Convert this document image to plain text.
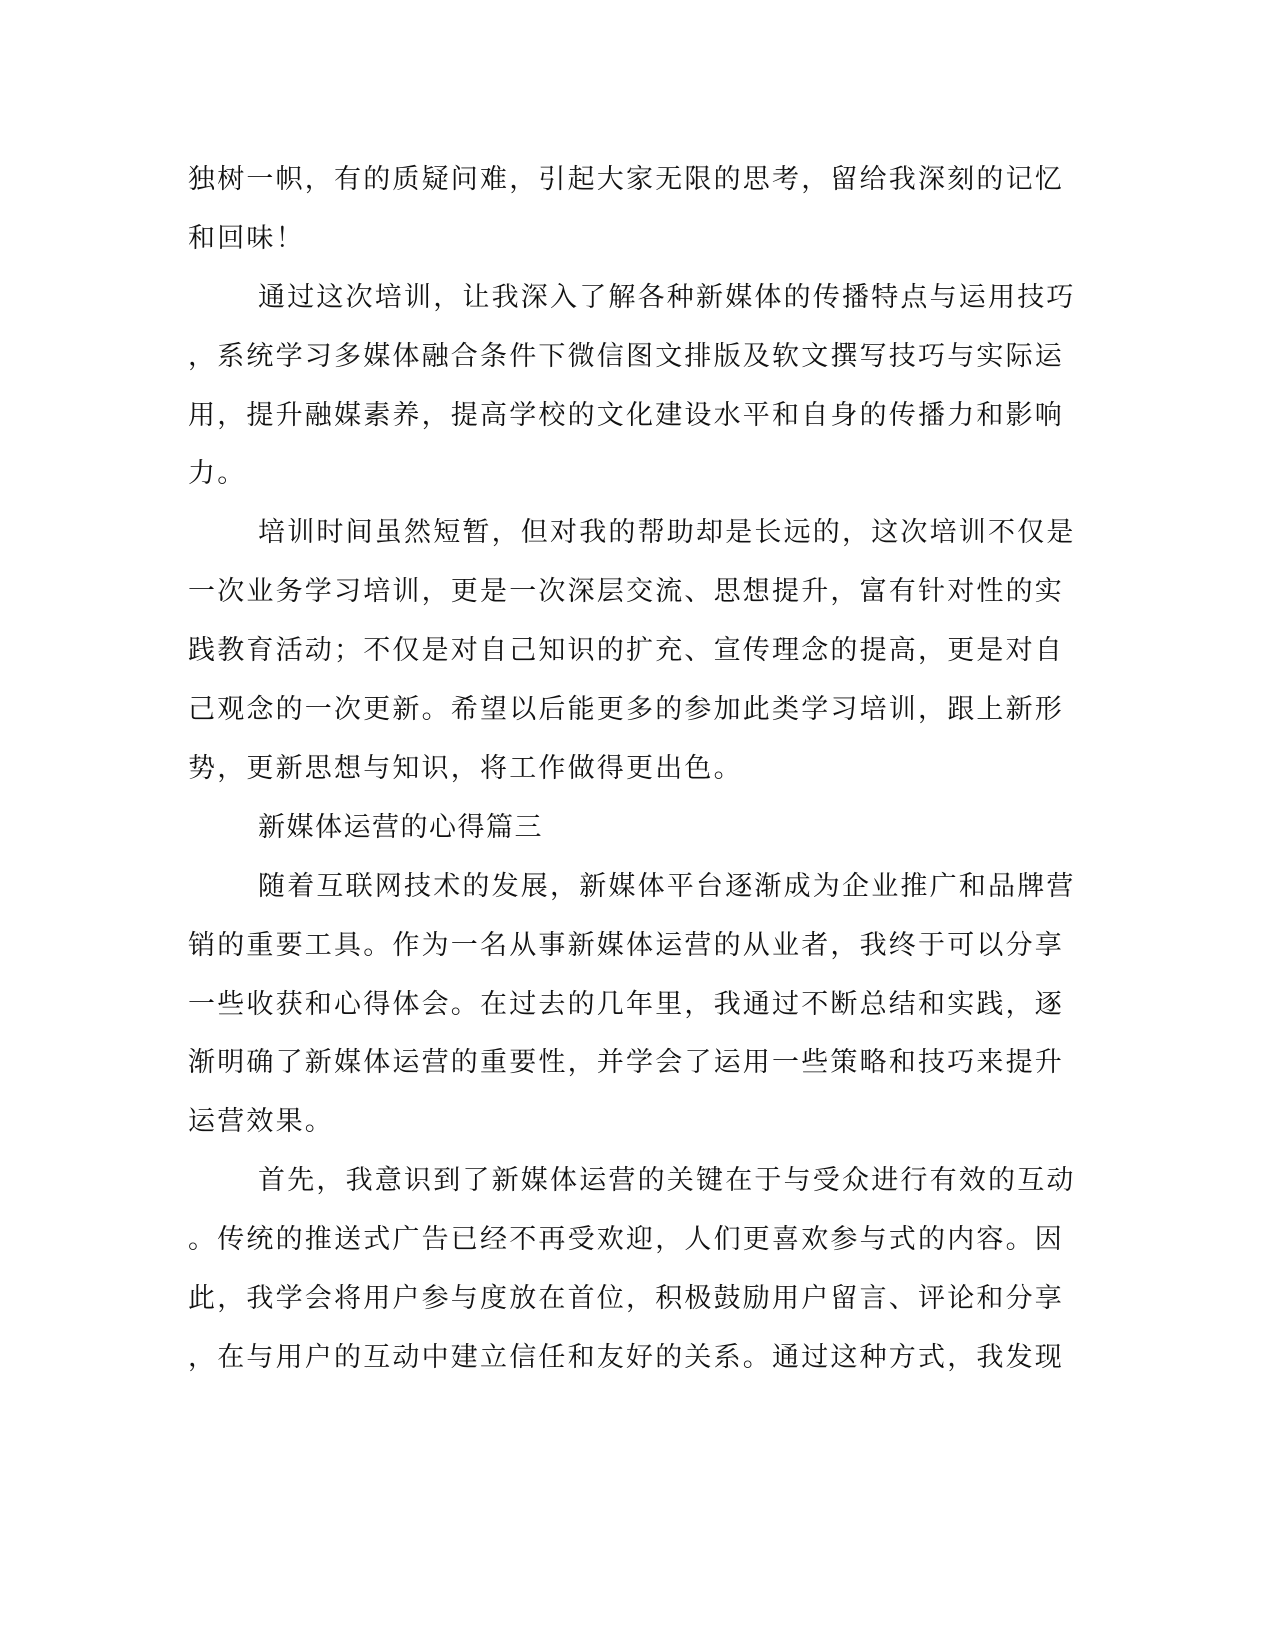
独树一帜，有的质疑问难，引起大家无限的思考，留给我深刻的记忆
和回味！
通过这次培训，让我深入了解各种新媒体的传播特点与运用技巧
，系统学习多媒体融合条件下微信图文排版及软文撰写技巧与实际运
用，提升融媒素养，提高学校的文化建设水平和自身的传播力和影响
力。
培训时间虽然短暂，但对我的帮助却是长远的，这次培训不仅是
一次业务学习培训，更是一次深层交流、思想提升，富有针对性的实
践教育活动；不仅是对自己知识的扩充、宣传理念的提高，更是对自
己观念的一次更新。希望以后能更多的参加此类学习培训，跟上新形
势，更新思想与知识，将工作做得更出色。
新媒体运营的心得篇三
随着互联网技术的发展，新媒体平台逐渐成为企业推广和品牌营
销的重要工具。作为一名从事新媒体运营的从业者，我终于可以分享
一些收获和心得体会。在过去的几年里，我通过不断总结和实践，逐
渐明确了新媒体运营的重要性，并学会了运用一些策略和技巧来提升
运营效果。
首先，我意识到了新媒体运营的关键在于与受众进行有效的互动
。传统的推送式广告已经不再受欢迎，人们更喜欢参与式的内容。因
此，我学会将用户参与度放在首位，积极鼓励用户留言、评论和分享
，在与用户的互动中建立信任和友好的关系。通过这种方式，我发现
